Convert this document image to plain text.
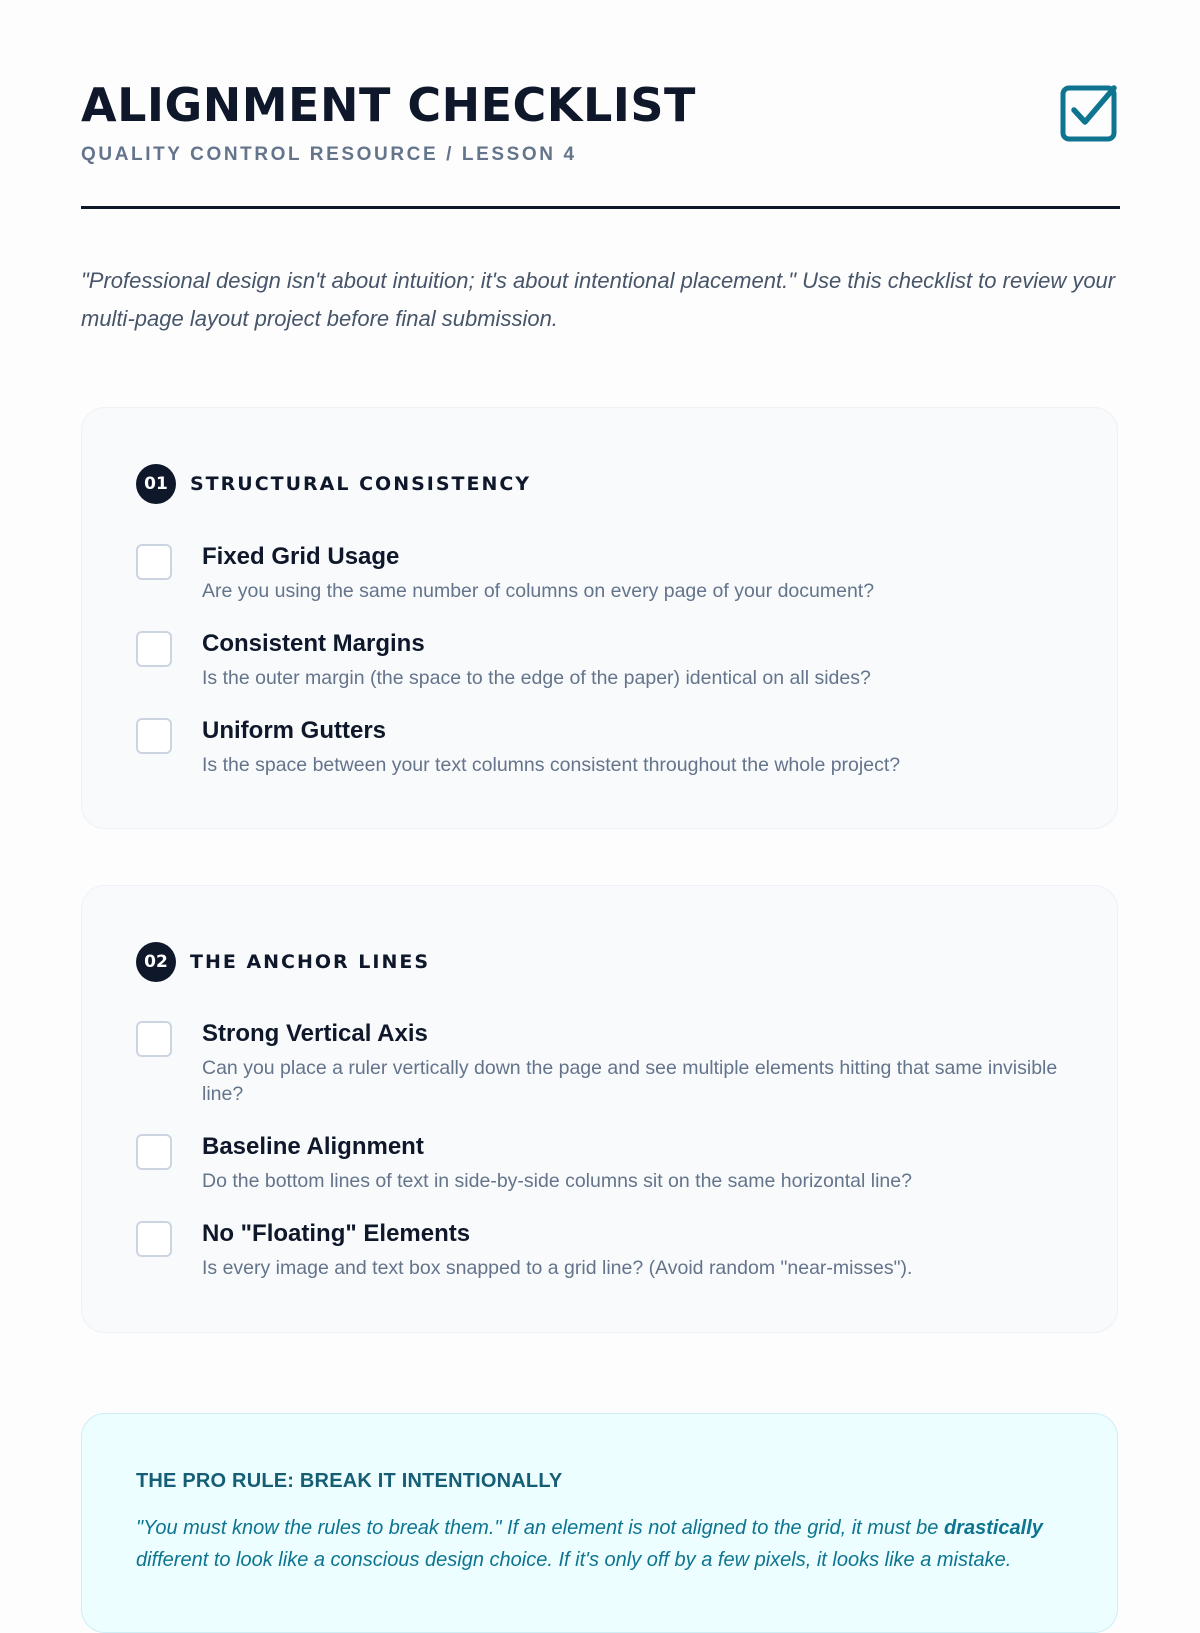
ALIGNMENT CHECKLIST
QUALITY CONTROL RESOURCE / LESSON 4

"Professional design isn't about intuition; it's about intentional placement." Use this checklist to review your multi-page layout project before final submission.

01	STRUCTURAL CONSISTENCY
Fixed Grid Usage
Are you using the same number of columns on every page of your document?
Consistent Margins
Is the outer margin (the space to the edge of the paper) identical on all sides?
Uniform Gutters
Is the space between your text columns consistent throughout the whole project?
02	THE ANCHOR LINES
Strong Vertical Axis
Can you place a ruler vertically down the page and see multiple elements hitting that same invisible line?
Baseline Alignment
Do the bottom lines of text in side-by-side columns sit on the same horizontal line?
No "Floating" Elements
Is every image and text box snapped to a grid line? (Avoid random "near-misses").
THE PRO RULE: BREAK IT INTENTIONALLY

"You must know the rules to break them." If an element is not aligned to the grid, it must be drastically different to look like a conscious design choice. If it's only off by a few pixels, it looks like a mistake.
